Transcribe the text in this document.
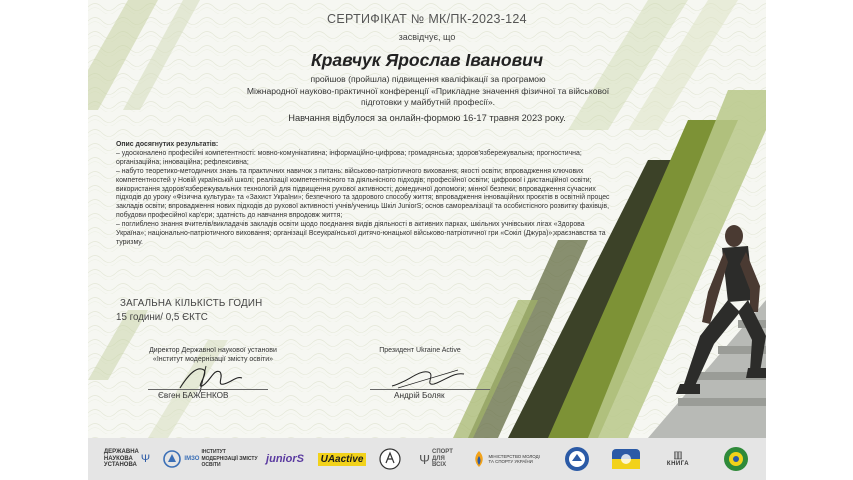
СЕРТИФІКАТ № МК/ПК-2023-124
засвідчує, що
Кравчук Ярослав Іванович
пройшов (пройшла) підвищення кваліфікації за програмою
Міжнародної науково-практичної конференції «Прикладне значення фізичної та військової
підготовки у майбутній професії».
Навчання відбулося за онлайн-формою 16-17 травня 2023 року.

Опис досягнутих результатів:

– удосконалено професійні компетентності: мовно-комунікативна; інформаційно-цифрова; громадянська; здоров'язбережувальна; прогностична; організаційна; інноваційна; рефлексивна;

– набуто теоретико-методичних знань та практичних навичок з питань: військово-патріотичного виховання; якості освіти; впровадження ключових компетентностей у Новій українській школі; реалізації компетентнісного та діяльнісного підходів; професійної освіти; цифрової і дистанційної освіти; використання здоров'язбережувальних технологій для підвищення рухової активності; домедичної допомоги; мінної безпеки; впровадження сучасних підходів до уроку «Фізична культура» та «Захист України»; безпечного та здорового способу життя; впровадження інноваційних проєктів в освітній процес закладів освіти; впровадження нових підходів до рухової активності учнів/учениць Шкіл JuniorS; основ самореалізації та особистісного розвитку фахівців, побудови професійної кар'єри; здатність до навчання впродовж життя;

– поглиблено знання вчителів/викладачів закладів освіти щодо поєднання видів діяльності в активних парках, шкільних учнівських лігах «Здорова Україна»; національно-патріотичного виховання; організації Всеукраїнської дитячо-юнацької військово-патріотичної гри «Сокіл (Джура)»;краєзнавства та туризму.

ЗАГАЛЬНА КІЛЬКІСТЬ ГОДИН
15 години/ 0,5 ЄКТС
Директор Державної наукової установи
«Інститут модернізації змісту освіти»
Євген БАЖЕНКОВ
Президент Ukraine Active
Андрій Боляк
ДЕРЖАВНА
НАУКОВА
УСТАНОВА
Ψ	IMЗО
ІНСТИТУТ
МОДЕРНІЗАЦІЇ ЗМІСТУ
ОСВІТИ
juniorS	UAactive	Ψ СПОРТ
ДЛЯ
ВСІХ
МІНІСТЕРСТВО МОЛОДІ ТА СПОРТУ УКРАЇНИ
▥
КНИГА
